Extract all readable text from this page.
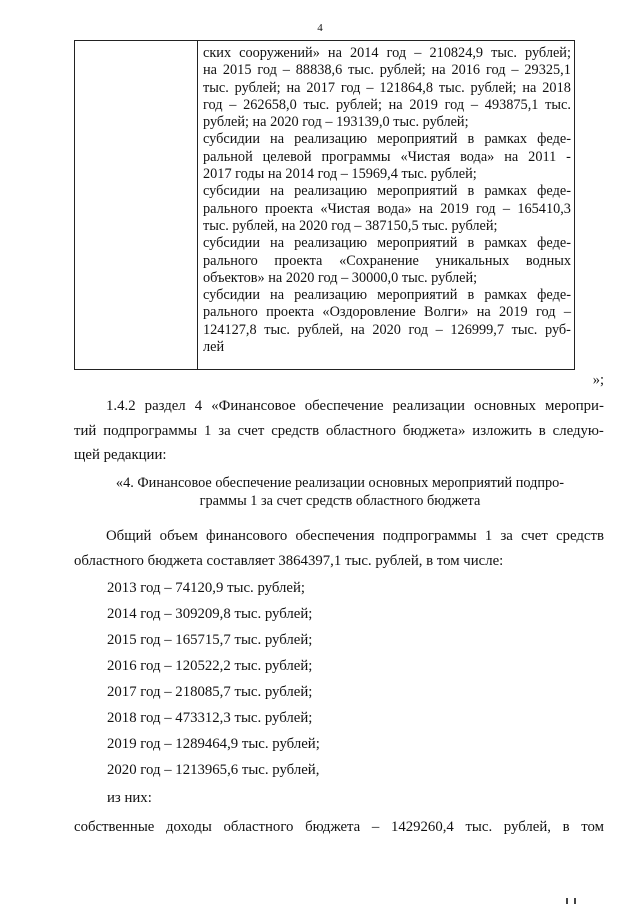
4
ских сооружений» на 2014 год – 210824,9 тыс. рублей;
на 2015 год – 88838,6 тыс. рублей; на 2016 год – 29325,1
тыс. рублей; на 2017 год – 121864,8 тыс. рублей; на 2018
год – 262658,0 тыс. рублей; на 2019 год – 493875,1 тыс.
рублей; на 2020 год – 193139,0 тыс. рублей;
субсидии на реализацию мероприятий в рамках феде-
ральной целевой программы «Чистая вода» на 2011 -
2017 годы на 2014 год – 15969,4 тыс. рублей;
субсидии на реализацию мероприятий в рамках феде-
рального проекта «Чистая вода» на 2019 год – 165410,3
тыс. рублей, на 2020 год – 387150,5 тыс. рублей;
субсидии на реализацию мероприятий в рамках феде-
рального проекта «Сохранение уникальных водных
объектов» на 2020 год – 30000,0 тыс. рублей;
субсидии на реализацию мероприятий в рамках феде-
рального проекта «Оздоровление Волги» на 2019 год –
124127,8 тыс. рублей, на 2020 год – 126999,7 тыс. руб-
лей
»;
1.4.2 раздел 4 «Финансовое обеспечение реализации основных меропри-
тий подпрограммы 1 за счет средств областного бюджета» изложить в следую-
щей редакции:
«4. Финансовое обеспечение реализации основных мероприятий подпро-
граммы 1 за счет средств областного бюджета
Общий объем финансового обеспечения подпрограммы 1 за счет средств
областного бюджета составляет 3864397,1 тыс. рублей, в том числе:
2013 год – 74120,9 тыс. рублей;
2014 год – 309209,8 тыс. рублей;
2015 год – 165715,7 тыс. рублей;
2016 год – 120522,2 тыс. рублей;
2017 год – 218085,7 тыс. рублей;
2018 год – 473312,3 тыс. рублей;
2019 год – 1289464,9 тыс. рублей;
2020 год – 1213965,6 тыс. рублей,
из них:
собственные доходы областного бюджета – 1429260,4 тыс. рублей, в том
